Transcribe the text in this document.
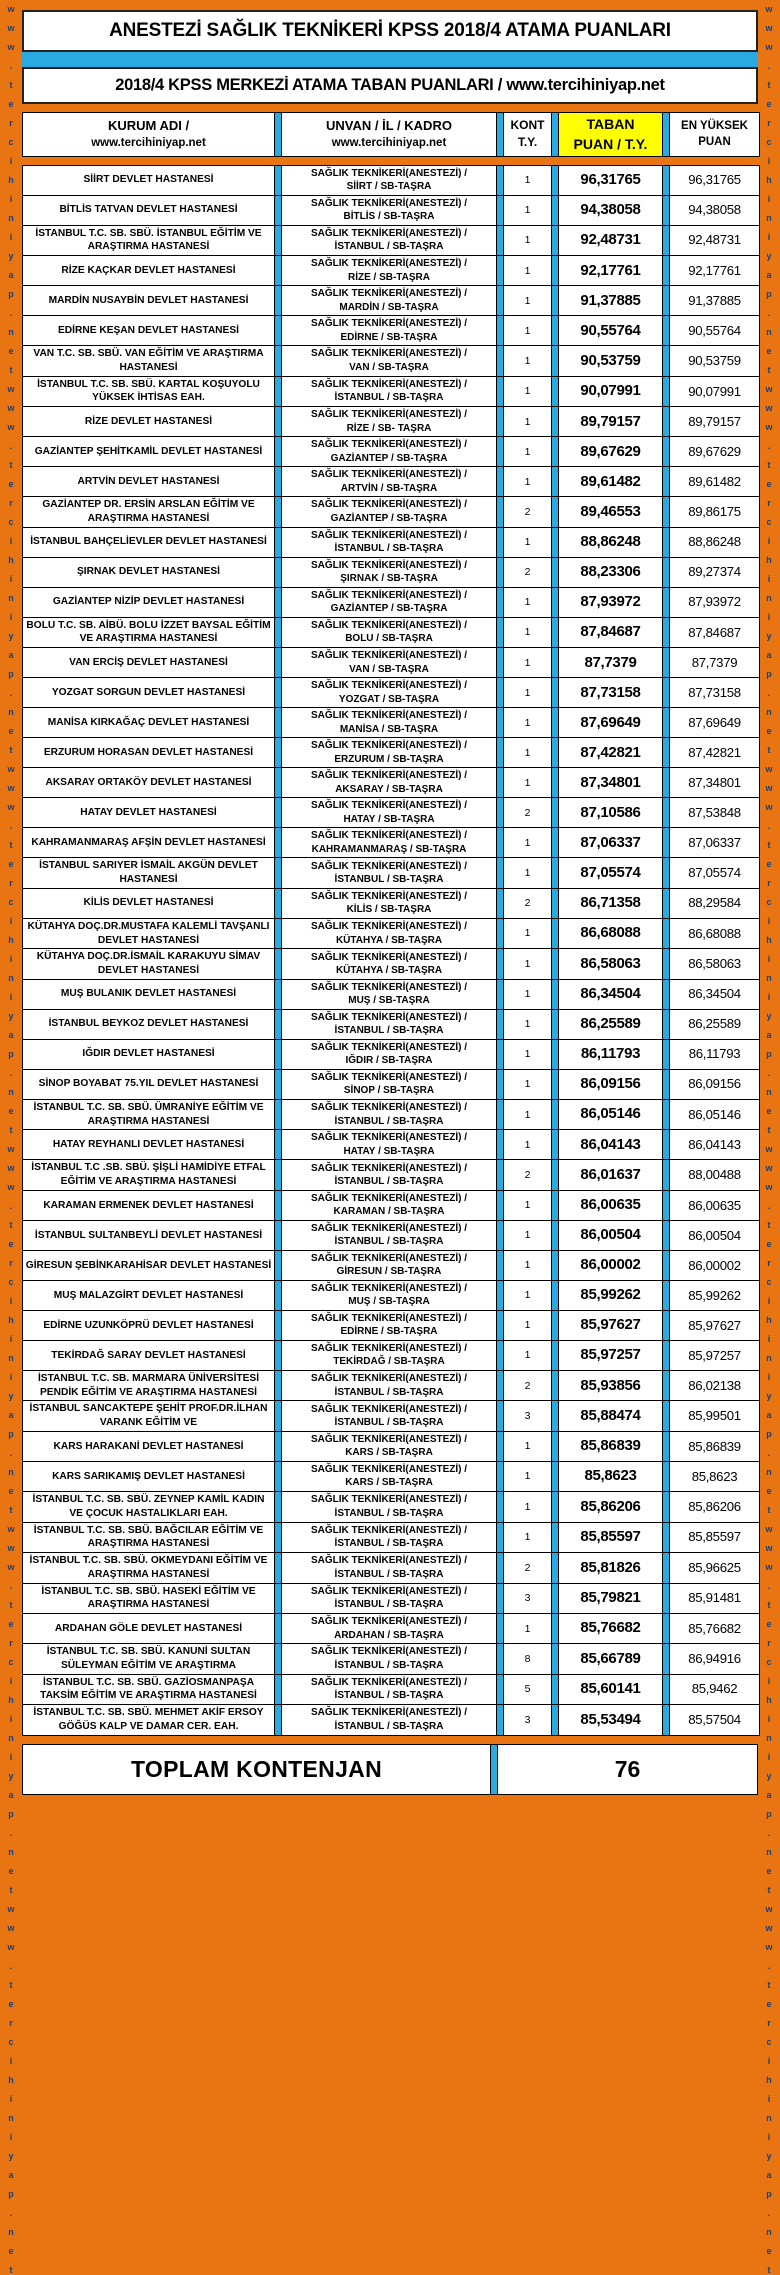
w
w
w
.
t
e
r
c
i
h
i
n
i
y
a
p
.
n
e
t
w
w
w
.
t
e
r
c
i
h
i
n
i
y
a
p
.
n
e
t
w
w
w
.
t
e
r
c
i
h
i
n
i
y
a
p
.
n
e
t
w
w
w
.
t
e
r
c
i
h
i
n
i
y
a
p
.
n
e
t
w
w
w
.
t
e
r
c
i
h
i
n
i
y
a
p
.
n
e
t
w
w
w
.
t
e
r
c
i
h
i
n
i
y
a
p
.
n
e
t
w
w
w
.
t
e
r
c
i
h
i
n
i
y
a
p
.
n
e
t
w
w
w
.
t
e
r
c
i
h
i
n
i
y
a
p
.
n
e
t
w
w
w
.
t
e
r
c
i
h
i
n
i
y
a
p
.
n
e
t
w
w
w
.
t
e
r
c
i
h
i
n
i
y
a
p
.
n
e
t
w
w
w
.
t
e
r
c
i
h
i
n
i
y
a
p
.
n
e
t
w
w
w
.
t
e
r
c
i
h
i
n
i
y
a
p
.
n
e
t
ANESTEZİ SAĞLIK TEKNİKERİ KPSS 2018/4 ATAMA PUANLARI
2018/4 KPSS MERKEZİ ATAMA TABAN PUANLARI / www.tercihiniyap.net
KURUM ADI /
www.tercihiniyap.net

UNVAN / İL / KADRO
www.tercihiniyap.net

KONT
T.Y.

TABAN
PUAN / T.Y.

EN YÜKSEK
PUAN
SİİRT DEVLET HASTANESİ		SAĞLIK TEKNİKERİ(ANESTEZİ) /
SİİRT / SB-TAŞRA		1		96,31765		96,31765
BİTLİS TATVAN DEVLET HASTANESİ		SAĞLIK TEKNİKERİ(ANESTEZİ) /
BİTLİS / SB-TAŞRA		1		94,38058		94,38058
İSTANBUL T.C. SB. SBÜ. İSTANBUL EĞİTİM VE ARAŞTIRMA HASTANESİ		SAĞLIK TEKNİKERİ(ANESTEZİ) /
İSTANBUL / SB-TAŞRA		1		92,48731		92,48731
RİZE KAÇKAR DEVLET HASTANESİ		SAĞLIK TEKNİKERİ(ANESTEZİ) /
RİZE / SB-TAŞRA		1		92,17761		92,17761
MARDİN NUSAYBİN DEVLET HASTANESİ		SAĞLIK TEKNİKERİ(ANESTEZİ) /
MARDİN / SB-TAŞRA		1		91,37885		91,37885
EDİRNE KEŞAN DEVLET HASTANESİ		SAĞLIK TEKNİKERİ(ANESTEZİ) /
EDİRNE / SB-TAŞRA		1		90,55764		90,55764
VAN T.C. SB. SBÜ. VAN EĞİTİM VE ARAŞTIRMA HASTANESİ		SAĞLIK TEKNİKERİ(ANESTEZİ) /
VAN / SB-TAŞRA		1		90,53759		90,53759
İSTANBUL T.C. SB. SBÜ. KARTAL KOŞUYOLU YÜKSEK İHTİSAS EAH.		SAĞLIK TEKNİKERİ(ANESTEZİ) /
İSTANBUL / SB-TAŞRA		1		90,07991		90,07991
RİZE DEVLET HASTANESİ		SAĞLIK TEKNİKERİ(ANESTEZİ) /
RİZE / SB- TAŞRA		1		89,79157		89,79157
GAZİANTEP ŞEHİTKAMİL DEVLET HASTANESİ		SAĞLIK TEKNİKERİ(ANESTEZİ) /
GAZİANTEP / SB-TAŞRA		1		89,67629		89,67629
ARTVİN DEVLET HASTANESİ		SAĞLIK TEKNİKERİ(ANESTEZİ) /
ARTVİN / SB-TAŞRA		1		89,61482		89,61482
GAZİANTEP DR. ERSİN ARSLAN EĞİTİM VE ARAŞTIRMA HASTANESİ		SAĞLIK TEKNİKERİ(ANESTEZİ) /
GAZİANTEP / SB-TAŞRA		2		89,46553		89,86175
İSTANBUL BAHÇELİEVLER DEVLET HASTANESİ		SAĞLIK TEKNİKERİ(ANESTEZİ) /
İSTANBUL / SB-TAŞRA		1		88,86248		88,86248
ŞIRNAK DEVLET HASTANESİ		SAĞLIK TEKNİKERİ(ANESTEZİ) /
ŞIRNAK / SB-TAŞRA		2		88,23306		89,27374
GAZİANTEP NİZİP DEVLET HASTANESİ		SAĞLIK TEKNİKERİ(ANESTEZİ) /
GAZİANTEP / SB-TAŞRA		1		87,93972		87,93972
BOLU T.C. SB. AİBÜ. BOLU İZZET BAYSAL EĞİTİM VE ARAŞTIRMA HASTANESİ		SAĞLIK TEKNİKERİ(ANESTEZİ) /
BOLU / SB-TAŞRA		1		87,84687		87,84687
VAN ERCİŞ DEVLET HASTANESİ		SAĞLIK TEKNİKERİ(ANESTEZİ) /
VAN / SB-TAŞRA		1		87,7379		87,7379
YOZGAT SORGUN DEVLET HASTANESİ		SAĞLIK TEKNİKERİ(ANESTEZİ) /
YOZGAT / SB-TAŞRA		1		87,73158		87,73158
MANİSA KIRKAĞAÇ DEVLET HASTANESİ		SAĞLIK TEKNİKERİ(ANESTEZİ) /
MANİSA / SB-TAŞRA		1		87,69649		87,69649
ERZURUM HORASAN DEVLET HASTANESİ		SAĞLIK TEKNİKERİ(ANESTEZİ) /
ERZURUM / SB-TAŞRA		1		87,42821		87,42821
AKSARAY ORTAKÖY DEVLET HASTANESİ		SAĞLIK TEKNİKERİ(ANESTEZİ) /
AKSARAY / SB-TAŞRA		1		87,34801		87,34801
HATAY DEVLET HASTANESİ		SAĞLIK TEKNİKERİ(ANESTEZİ) /
HATAY / SB-TAŞRA		2		87,10586		87,53848
KAHRAMANMARAŞ AFŞİN DEVLET HASTANESİ		SAĞLIK TEKNİKERİ(ANESTEZİ) /
KAHRAMANMARAŞ / SB-TAŞRA		1		87,06337		87,06337
İSTANBUL SARIYER İSMAİL AKGÜN DEVLET HASTANESİ		SAĞLIK TEKNİKERİ(ANESTEZİ) /
İSTANBUL / SB-TAŞRA		1		87,05574		87,05574
KİLİS DEVLET HASTANESİ		SAĞLIK TEKNİKERİ(ANESTEZİ) /
KİLİS / SB-TAŞRA		2		86,71358		88,29584
KÜTAHYA DOÇ.DR.MUSTAFA KALEMLİ TAVŞANLI DEVLET HASTANESİ		SAĞLIK TEKNİKERİ(ANESTEZİ) /
KÜTAHYA / SB-TAŞRA		1		86,68088		86,68088
KÜTAHYA DOÇ.DR.İSMAİL KARAKUYU SİMAV DEVLET HASTANESİ		SAĞLIK TEKNİKERİ(ANESTEZİ) /
KÜTAHYA / SB-TAŞRA		1		86,58063		86,58063
MUŞ BULANIK DEVLET HASTANESİ		SAĞLIK TEKNİKERİ(ANESTEZİ) /
MUŞ / SB-TAŞRA		1		86,34504		86,34504
İSTANBUL BEYKOZ DEVLET HASTANESİ		SAĞLIK TEKNİKERİ(ANESTEZİ) /
İSTANBUL / SB-TAŞRA		1		86,25589		86,25589
IĞDIR DEVLET HASTANESİ		SAĞLIK TEKNİKERİ(ANESTEZİ) /
IĞDIR / SB-TAŞRA		1		86,11793		86,11793
SİNOP BOYABAT 75.YIL DEVLET HASTANESİ		SAĞLIK TEKNİKERİ(ANESTEZİ) /
SİNOP / SB-TAŞRA		1		86,09156		86,09156
İSTANBUL T.C. SB. SBÜ. ÜMRANİYE EĞİTİM VE ARAŞTIRMA HASTANESİ		SAĞLIK TEKNİKERİ(ANESTEZİ) /
İSTANBUL / SB-TAŞRA		1		86,05146		86,05146
HATAY REYHANLI DEVLET HASTANESİ		SAĞLIK TEKNİKERİ(ANESTEZİ) /
HATAY / SB-TAŞRA		1		86,04143		86,04143
İSTANBUL T.C .SB. SBÜ. ŞİŞLİ HAMİDİYE ETFAL EĞİTİM VE ARAŞTIRMA HASTANESİ		SAĞLIK TEKNİKERİ(ANESTEZİ) /
İSTANBUL / SB-TAŞRA		2		86,01637		88,00488
KARAMAN ERMENEK DEVLET HASTANESİ		SAĞLIK TEKNİKERİ(ANESTEZİ) /
KARAMAN / SB-TAŞRA		1		86,00635		86,00635
İSTANBUL SULTANBEYLİ DEVLET HASTANESİ		SAĞLIK TEKNİKERİ(ANESTEZİ) /
İSTANBUL / SB-TAŞRA		1		86,00504		86,00504
GİRESUN ŞEBİNKARAHİSAR DEVLET HASTANESİ		SAĞLIK TEKNİKERİ(ANESTEZİ) /
GİRESUN / SB-TAŞRA		1		86,00002		86,00002
MUŞ MALAZGİRT DEVLET HASTANESİ		SAĞLIK TEKNİKERİ(ANESTEZİ) /
MUŞ / SB-TAŞRA		1		85,99262		85,99262
EDİRNE UZUNKÖPRÜ DEVLET HASTANESİ		SAĞLIK TEKNİKERİ(ANESTEZİ) /
EDİRNE / SB-TAŞRA		1		85,97627		85,97627
TEKİRDAĞ SARAY DEVLET HASTANESİ		SAĞLIK TEKNİKERİ(ANESTEZİ) /
TEKİRDAĞ / SB-TAŞRA		1		85,97257		85,97257
İSTANBUL T.C. SB. MARMARA ÜNİVERSİTESİ PENDİK EĞİTİM VE ARAŞTIRMA HASTANESİ		SAĞLIK TEKNİKERİ(ANESTEZİ) /
İSTANBUL / SB-TAŞRA		2		85,93856		86,02138
İSTANBUL SANCAKTEPE ŞEHİT PROF.DR.İLHAN VARANK EĞİTİM VE		SAĞLIK TEKNİKERİ(ANESTEZİ) /
İSTANBUL / SB-TAŞRA		3		85,88474		85,99501
KARS HARAKANİ DEVLET HASTANESİ		SAĞLIK TEKNİKERİ(ANESTEZİ) /
KARS / SB-TAŞRA		1		85,86839		85,86839
KARS SARIKAMIŞ DEVLET HASTANESİ		SAĞLIK TEKNİKERİ(ANESTEZİ) /
KARS / SB-TAŞRA		1		85,8623		85,8623
İSTANBUL T.C. SB. SBÜ. ZEYNEP KAMİL KADIN VE ÇOCUK HASTALIKLARI EAH.		SAĞLIK TEKNİKERİ(ANESTEZİ) /
İSTANBUL / SB-TAŞRA		1		85,86206		85,86206
İSTANBUL T.C. SB. SBÜ. BAĞCILAR EĞİTİM VE ARAŞTIRMA HASTANESİ		SAĞLIK TEKNİKERİ(ANESTEZİ) /
İSTANBUL / SB-TAŞRA		1		85,85597		85,85597
İSTANBUL T.C. SB. SBÜ. OKMEYDANI EĞİTİM VE ARAŞTIRMA HASTANESİ		SAĞLIK TEKNİKERİ(ANESTEZİ) /
İSTANBUL / SB-TAŞRA		2		85,81826		85,96625
İSTANBUL T.C. SB. SBÜ. HASEKİ EĞİTİM VE ARAŞTIRMA HASTANESİ		SAĞLIK TEKNİKERİ(ANESTEZİ) /
İSTANBUL / SB-TAŞRA		3		85,79821		85,91481
ARDAHAN GÖLE DEVLET HASTANESİ		SAĞLIK TEKNİKERİ(ANESTEZİ) /
ARDAHAN / SB-TAŞRA		1		85,76682		85,76682
İSTANBUL T.C. SB. SBÜ. KANUNİ SULTAN SÜLEYMAN EĞİTİM VE ARAŞTIRMA		SAĞLIK TEKNİKERİ(ANESTEZİ) /
İSTANBUL / SB-TAŞRA		8		85,66789		86,94916
İSTANBUL T.C. SB. SBÜ. GAZİOSMANPAŞA TAKSİM EĞİTİM VE ARAŞTIRMA HASTANESİ		SAĞLIK TEKNİKERİ(ANESTEZİ) /
İSTANBUL / SB-TAŞRA		5		85,60141		85,9462
İSTANBUL T.C. SB. SBÜ. MEHMET AKİF ERSOY GÖĞÜS KALP VE DAMAR CER. EAH.		SAĞLIK TEKNİKERİ(ANESTEZİ) /
İSTANBUL / SB-TAŞRA		3		85,53494		85,57504
TOPLAM KONTENJAN		76
